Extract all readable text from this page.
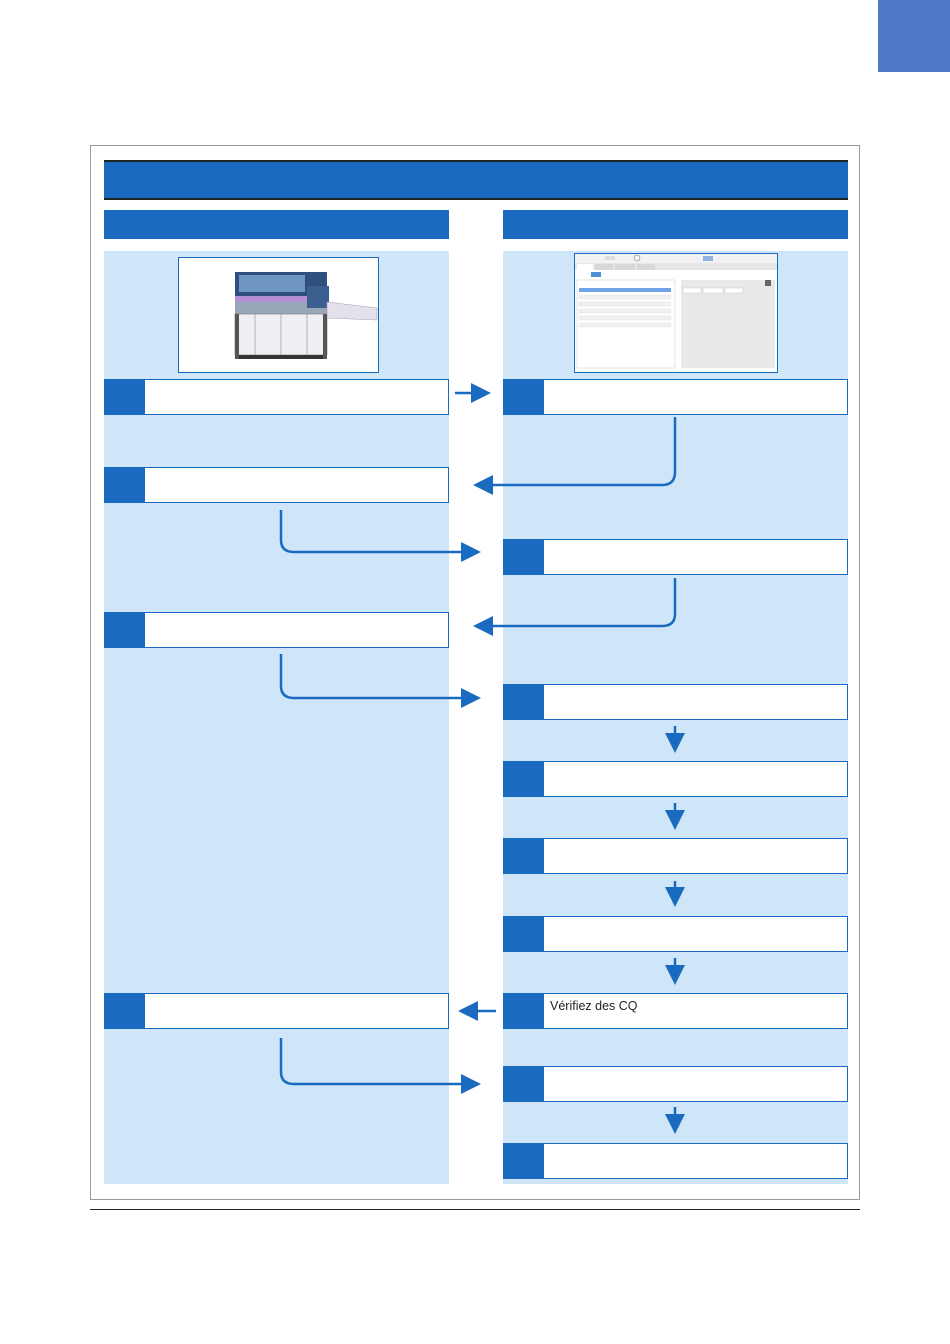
Vérifiez des CQ
